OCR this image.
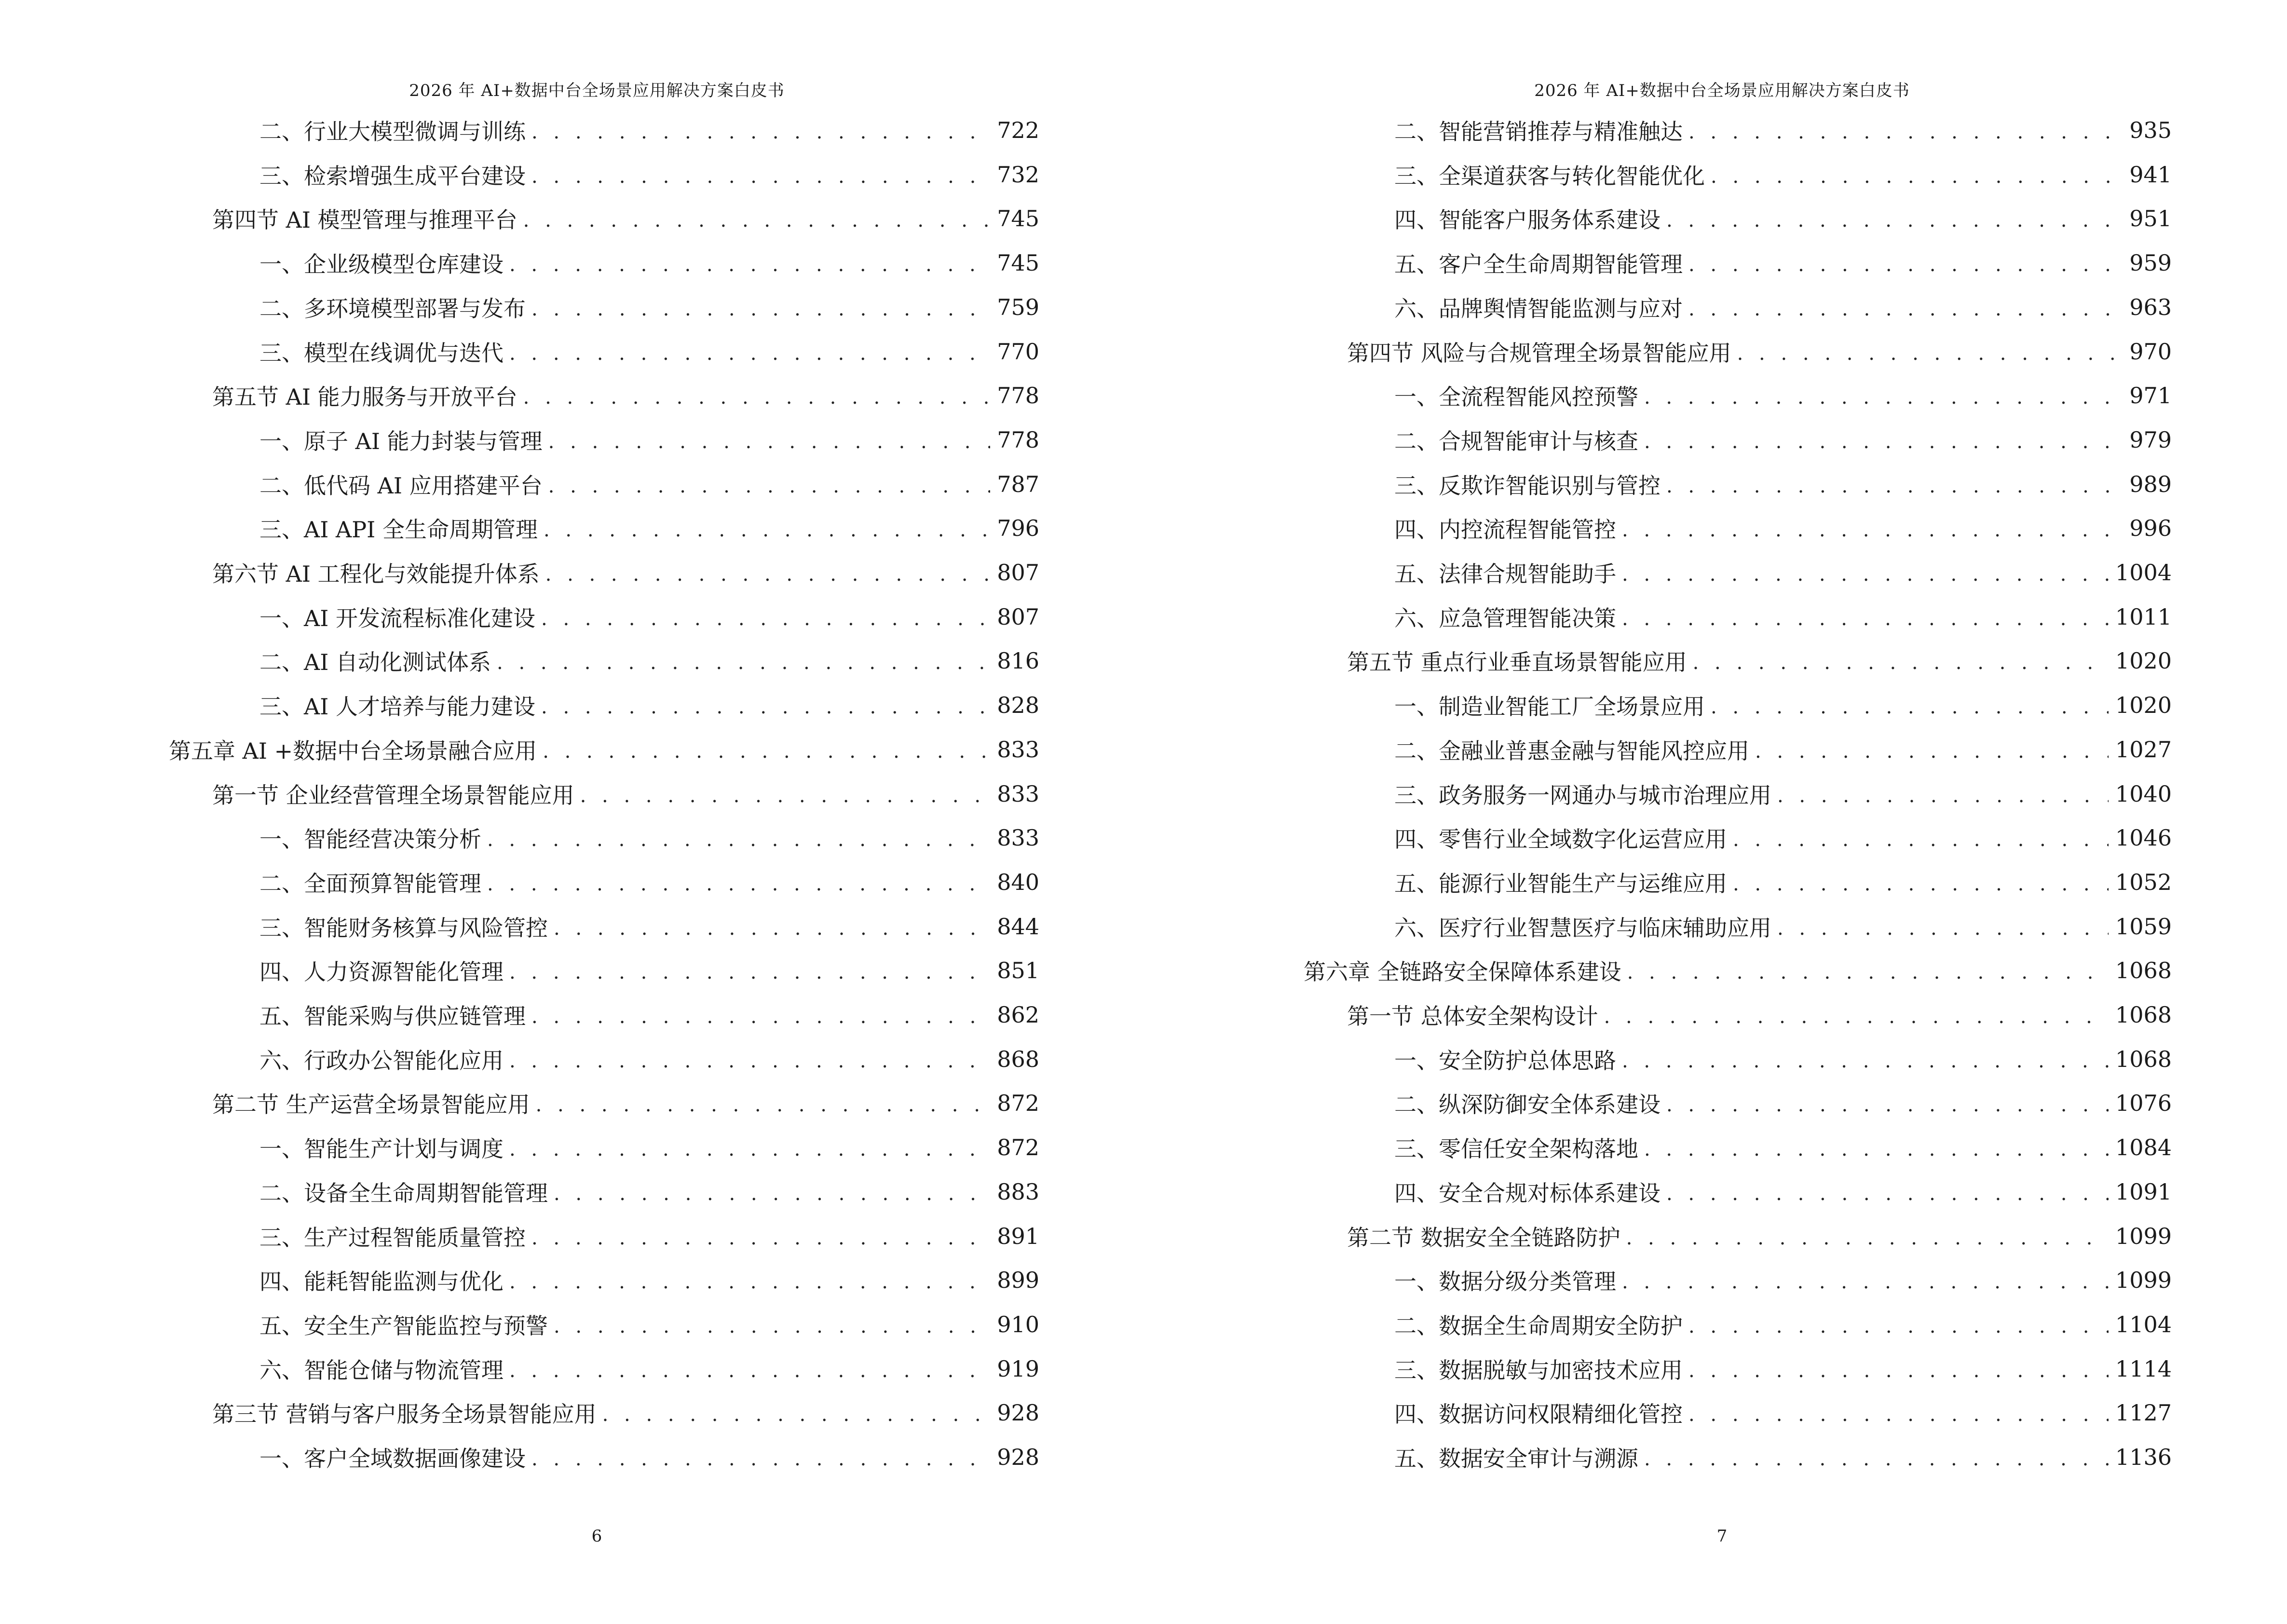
2026 年 AI+数据中台全场景应用解决方案白皮书
二、行业大模型微调与训练 . . .	722
三、检索增强生成平台建设 . . .	732
第四节 AI 模型管理与推理平台 . . .	745
一、企业级模型仓库建设 . . .	745
二、多环境模型部署与发布 . . .	759
三、模型在线调优与迭代 . . .	770
第五节 AI 能力服务与开放平台 . . .	778
一、原子 AI 能力封装与管理 . . .	778
二、低代码 AI 应用搭建平台 . . .	787
三、AI API 全生命周期管理 . . .	796
第六节 AI 工程化与效能提升体系 . . .	807
一、AI 开发流程标准化建设 . . .	807
二、AI 自动化测试体系 . . .	816
三、AI 人才培养与能力建设 . . .	828
第五章 AI +数据中台全场景融合应用 . . .	833
第一节 企业经营管理全场景智能应用 . . .	833
一、智能经营决策分析 . . .	833
二、全面预算智能管理 . . .	840
三、智能财务核算与风险管控 . . .	844
四、人力资源智能化管理 . . .	851
五、智能采购与供应链管理 . . .	862
六、行政办公智能化应用 . . .	868
第二节 生产运营全场景智能应用 . . .	872
一、智能生产计划与调度 . . .	872
二、设备全生命周期智能管理 . . .	883
三、生产过程智能质量管控 . . .	891
四、能耗智能监测与优化 . . .	899
五、安全生产智能监控与预警 . . .	910
六、智能仓储与物流管理 . . .	919
第三节 营销与客户服务全场景智能应用 . . .	928
一、客户全域数据画像建设 . . .	928
6
2026 年 AI+数据中台全场景应用解决方案白皮书
二、智能营销推荐与精准触达 . . .	935
三、全渠道获客与转化智能优化 . . .	941
四、智能客户服务体系建设 . . .	951
五、客户全生命周期智能管理 . . .	959
六、品牌舆情智能监测与应对 . . .	963
第四节 风险与合规管理全场景智能应用 . . .	970
一、全流程智能风控预警 . . .	971
二、合规智能审计与核查 . . .	979
三、反欺诈智能识别与管控 . . .	989
四、内控流程智能管控 . . .	996
五、法律合规智能助手 . . .	1004
六、应急管理智能决策 . . .	1011
第五节 重点行业垂直场景智能应用 . . .	1020
一、制造业智能工厂全场景应用 . . .	1020
二、金融业普惠金融与智能风控应用 . . .	1027
三、政务服务一网通办与城市治理应用 . . .	1040
四、零售行业全域数字化运营应用 . . .	1046
五、能源行业智能生产与运维应用 . . .	1052
六、医疗行业智慧医疗与临床辅助应用 . . .	1059
第六章 全链路安全保障体系建设 . . .	1068
第一节 总体安全架构设计 . . .	1068
一、安全防护总体思路 . . .	1068
二、纵深防御安全体系建设 . . .	1076
三、零信任安全架构落地 . . .	1084
四、安全合规对标体系建设 . . .	1091
第二节 数据安全全链路防护 . . .	1099
一、数据分级分类管理 . . .	1099
二、数据全生命周期安全防护 . . .	1104
三、数据脱敏与加密技术应用 . . .	1114
四、数据访问权限精细化管控 . . .	1127
五、数据安全审计与溯源 . . .	1136
7
